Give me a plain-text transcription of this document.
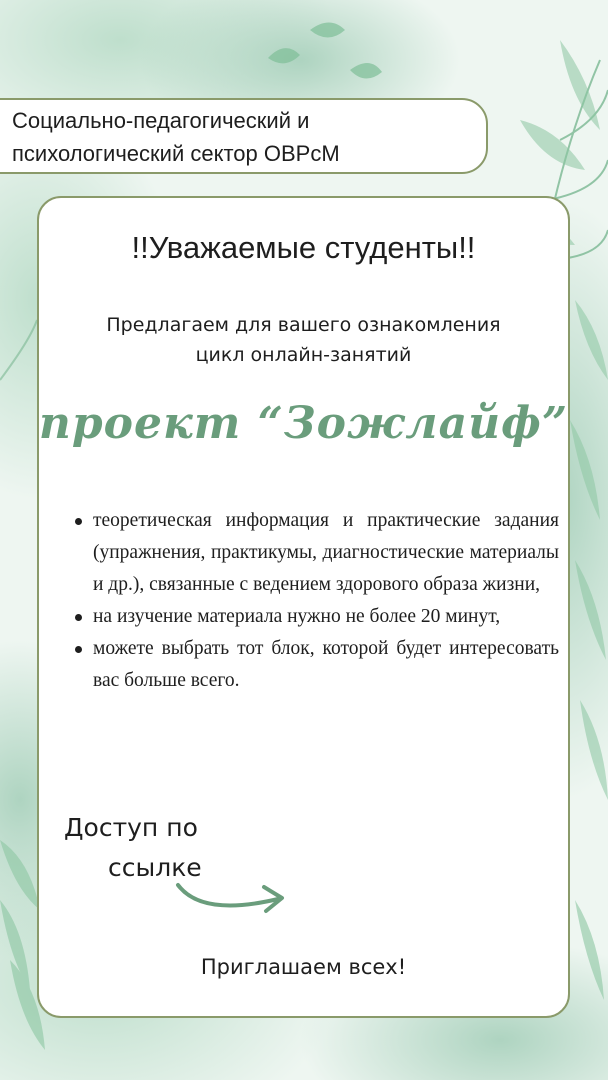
Социально-педагогический и
психологический сектор ОВРсМ
!!Уважаемые студенты!!
Предлагаем для вашего ознакомления
цикл онлайн-занятий
проект “Зожлайф”
теоретическая информация и практические задания (упражнения, практикумы, диагностические материалы и др.), связанные с ведением здорового образа жизни,
на изучение материала нужно не более 20 минут,
можете выбрать тот блок, которой будет интересовать вас больше всего.
Доступ по
ссылке
Приглашаем всех!
